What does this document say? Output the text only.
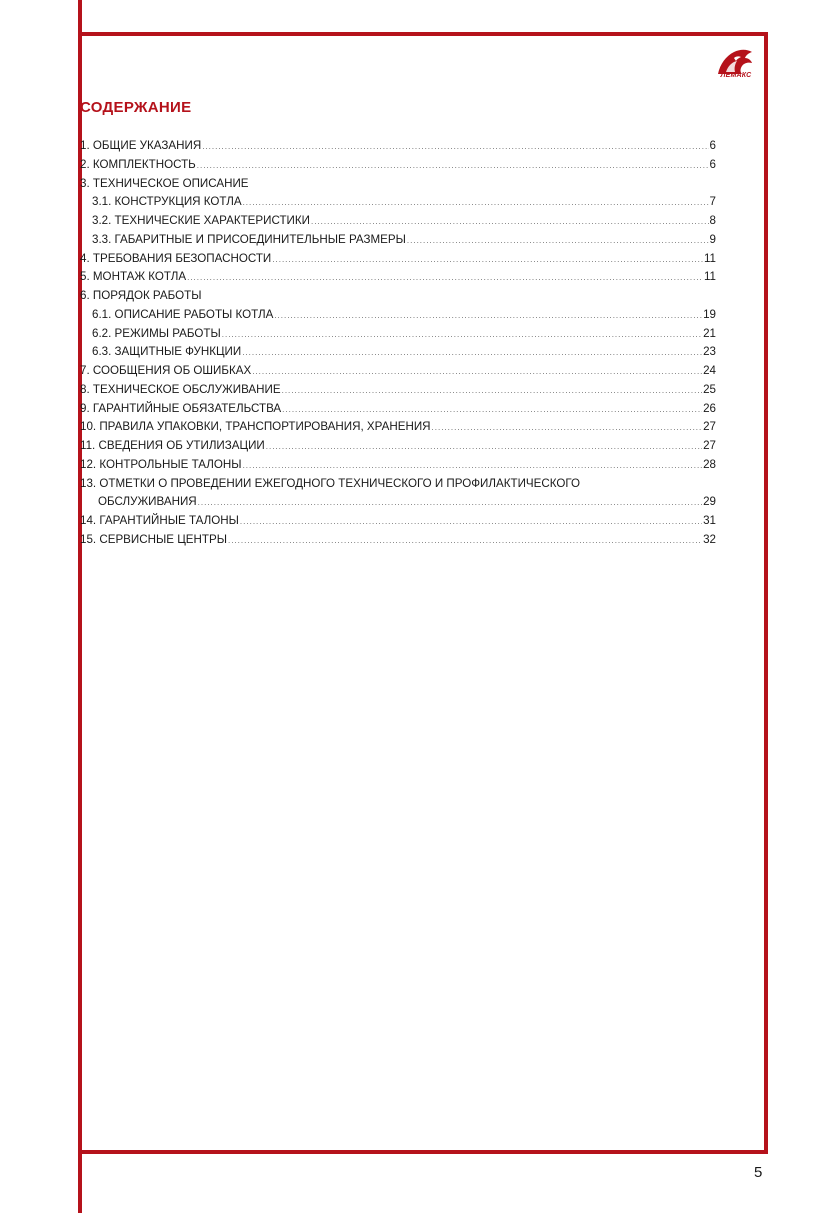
ЛЕМАКС
СОДЕРЖАНИЕ
1. ОБЩИЕ УКАЗАНИЯ .....	6
2. КОМПЛЕКТНОСТЬ .....	6
3. ТЕХНИЧЕСКОЕ ОПИСАНИЕ
3.1. КОНСТРУКЦИЯ КОТЛА .....	7
3.2. ТЕХНИЧЕСКИЕ ХАРАКТЕРИСТИКИ .....	8
3.3. ГАБАРИТНЫЕ И ПРИСОЕДИНИТЕЛЬНЫЕ РАЗМЕРЫ .....	9
4. ТРЕБОВАНИЯ БЕЗОПАСНОСТИ .....	11
5. МОНТАЖ КОТЛА .....	11
6. ПОРЯДОК РАБОТЫ
6.1. ОПИСАНИЕ РАБОТЫ КОТЛА .....	19
6.2. РЕЖИМЫ РАБОТЫ .....	21
6.3. ЗАЩИТНЫЕ ФУНКЦИИ .....	23
7. СООБЩЕНИЯ ОБ ОШИБКАХ .....	24
8. ТЕХНИЧЕСКОЕ ОБСЛУЖИВАНИЕ .....	25
9. ГАРАНТИЙНЫЕ ОБЯЗАТЕЛЬСТВА .....	26
10. ПРАВИЛА УПАКОВКИ, ТРАНСПОРТИРОВАНИЯ, ХРАНЕНИЯ .....	27
11. СВЕДЕНИЯ ОБ УТИЛИЗАЦИИ .....	27
12. КОНТРОЛЬНЫЕ ТАЛОНЫ .....	28
13. ОТМЕТКИ О ПРОВЕДЕНИИ ЕЖЕГОДНОГО ТЕХНИЧЕСКОГО И ПРОФИЛАКТИЧЕСКОГО
ОБСЛУЖИВАНИЯ .....	29
14. ГАРАНТИЙНЫЕ ТАЛОНЫ .....	31
15. СЕРВИСНЫЕ ЦЕНТРЫ .....	32
5
